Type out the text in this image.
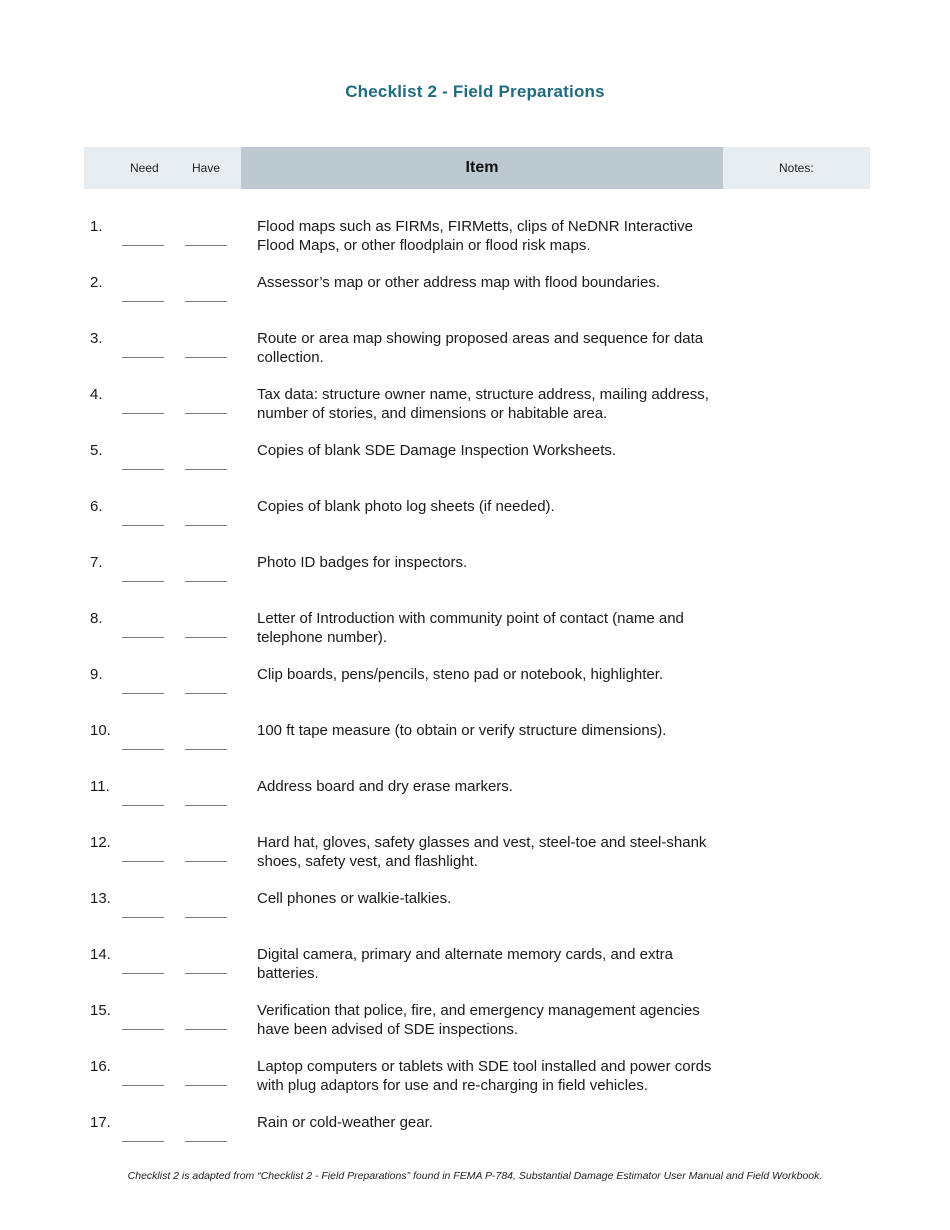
Checklist 2 - Field Preparations
Need	Have	Item	Notes:
1.	Flood maps such as FIRMs, FIRMetts, clips of NeDNR Interactive Flood Maps, or other floodplain or flood risk maps.
2.	Assessor’s map or other address map with flood boundaries.
3.	Route or area map showing proposed areas and sequence for data collection.
4.	Tax data: structure owner name, structure address, mailing address, number of stories, and dimensions or habitable area.
5.	Copies of blank SDE Damage Inspection Worksheets.
6.	Copies of blank photo log sheets (if needed).
7.	Photo ID badges for inspectors.
8.	Letter of Introduction with community point of contact (name and telephone number).
9.	Clip boards, pens/pencils, steno pad or notebook, highlighter.
10.	100 ft tape measure (to obtain or verify structure dimensions).
11.	Address board and dry erase markers.
12.	Hard hat, gloves, safety glasses and vest, steel-toe and steel-shank shoes, safety vest, and flashlight.
13.	Cell phones or walkie-talkies.
14.	Digital camera, primary and alternate memory cards, and extra batteries.
15.	Verification that police, fire, and emergency management agencies have been advised of SDE inspections.
16.	Laptop computers or tablets with SDE tool installed and power cords with plug adaptors for use and re-charging in field vehicles.
17.	Rain or cold-weather gear.
Checklist 2 is adapted from “Checklist 2 - Field Preparations” found in FEMA P-784, Substantial Damage Estimator User Manual and Field Workbook.
